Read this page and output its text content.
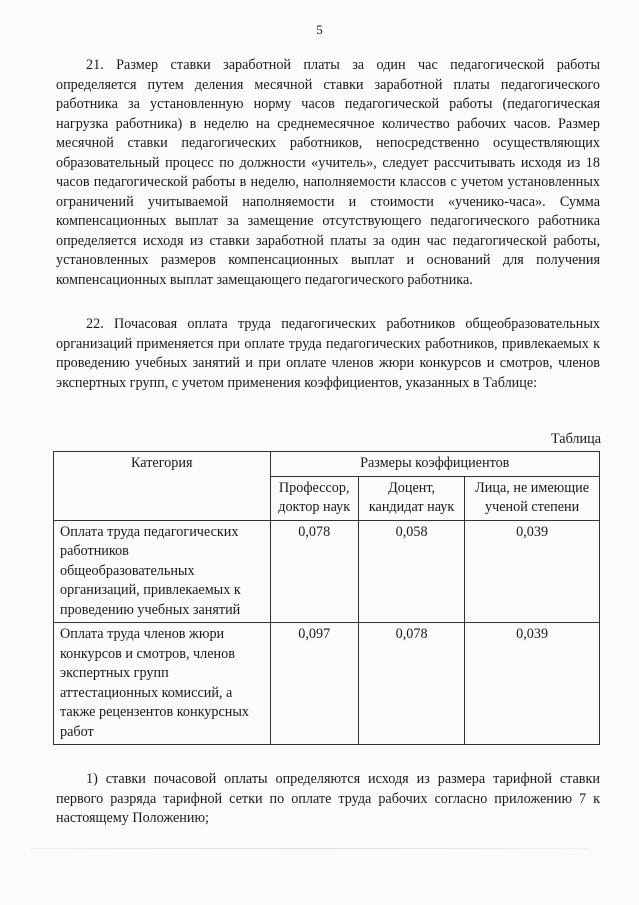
5

21. Размер ставки заработной платы за один час педагогической работы определяется путем деления месячной ставки заработной платы педагогического работника за установленную норму часов педагогической работы (педагогическая нагрузка работника) в неделю на среднемесячное количество рабочих часов. Размер месячной ставки педагогических работников, непосредственно осуществляющих образовательный процесс по должности «учитель», следует рассчитывать исходя из 18 часов педагогической работы в неделю, наполняемости классов с учетом установленных ограничений учитываемой наполняемости и стоимости «ученико-часа». Сумма компенсационных выплат за замещение отсутствующего педагогического работника определяется исходя из ставки заработной платы за один час педагогической работы, установленных размеров компенсационных выплат и оснований для получения компенсационных выплат замещающего педагогического работника.

22. Почасовая оплата труда педагогических работников общеобразовательных организаций применяется при оплате труда педагогических работников, привлекаемых к проведению учебных занятий и при оплате членов жюри конкурсов и смотров, членов экспертных групп, с учетом применения коэффициентов, указанных в Таблице:

Таблица
Категория	Размеры коэффициентов		
	Профессор, доктор наук	Доцент, кандидат наук	Лица, не имеющие ученой степени
Оплата труда педагогических работников общеобразовательных организаций, привлекаемых к проведению учебных занятий	0,078	0,058	0,039
Оплата труда членов жюри конкурсов и смотров, членов экспертных групп аттестационных комиссий, а также рецензентов конкурсных работ	0,097	0,078	0,039

1) ставки почасовой оплаты определяются исходя из размера тарифной ставки первого разряда тарифной сетки по оплате труда рабочих согласно приложению 7 к настоящему Положению;
